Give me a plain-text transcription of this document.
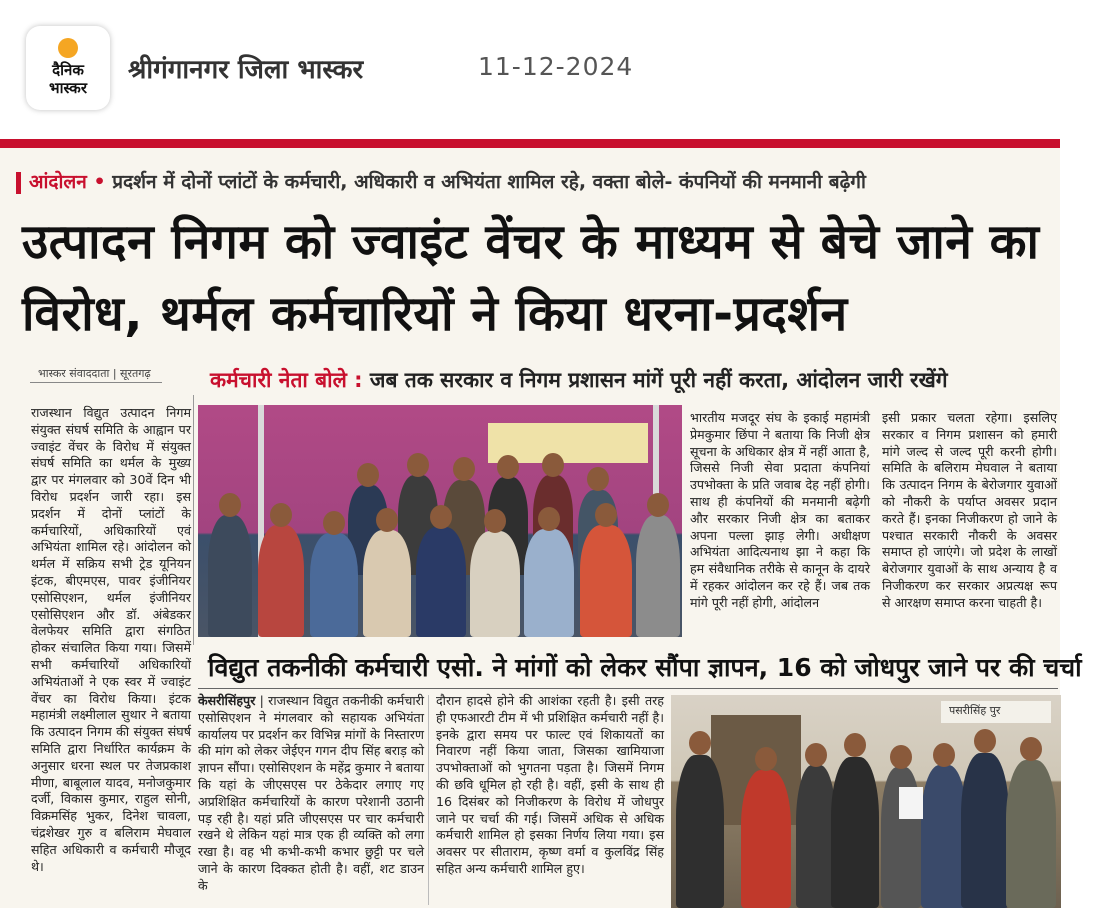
दैनिक
भास्कर
श्रीगंगानगर जिला भास्कर	11-12-2024
आंदोलन • प्रदर्शन में दोनों प्लांटों के कर्मचारी, अधिकारी व अभियंता शामिल रहे, वक्ता बोले- कंपनियों की मनमानी बढ़ेगी
उत्पादन निगम को ज्वाइंट वेंचर के माध्यम से बेचे जाने का विरोध, थर्मल कर्मचारियों ने किया धरना-प्रदर्शन
भास्कर संवाददाता | सूरतगढ़	कर्मचारी नेता बोले : जब तक सरकार व निगम प्रशासन मांगें पूरी नहीं करता, आंदोलन जारी रखेंगे
राजस्थान विद्युत उत्पादन निगम संयुक्त संघर्ष समिति के आह्वान पर ज्वाइंट वेंचर के विरोध में संयुक्त संघर्ष समिति का थर्मल के मुख्य द्वार पर मंगलवार को 30वें दिन भी विरोध प्रदर्शन जारी रहा। इस प्रदर्शन में दोनों प्लांटों के कर्मचारियों, अधिकारियों एवं अभियंता शामिल रहे। आंदोलन को थर्मल में सक्रिय सभी ट्रेड यूनियन इंटक, बीएमएस, पावर इंजीनियर एसोसिएशन, थर्मल इंजीनियर एसोसिएशन और डॉ. अंबेडकर वेलफेयर समिति द्वारा संगठित होकर संचालित किया गया। जिसमें सभी कर्मचारियों अधिकारियों अभियंताओं ने एक स्वर में ज्वाइंट वेंचर का विरोध किया। इंटक महामंत्री लक्ष्मीलाल सुथार ने बताया कि उत्पादन निगम की संयुक्त संघर्ष समिति द्वारा निर्धारित कार्यक्रम के अनुसार धरना स्थल पर तेजप्रकाश मीणा, बाबूलाल यादव, मनोजकुमार दर्जी, विकास कुमार, राहुल सोनी, विक्रमसिंह भुकर, दिनेश चावला, चंद्रशेखर गुरु व बलिराम मेघवाल सहित अधिकारी व कर्मचारी मौजूद थे।
भारतीय मजदूर संघ के इकाई महामंत्री प्रेमकुमार छिंपा ने बताया कि निजी क्षेत्र सूचना के अधिकार क्षेत्र में नहीं आता है, जिससे निजी सेवा प्रदाता कंपनियां उपभोक्ता के प्रति जवाब देह नहीं होगी। साथ ही कंपनियों की मनमानी बढ़ेगी और सरकार निजी क्षेत्र का बताकर अपना पल्ला झाड़ लेगी। अधीक्षण अभियंता आदित्यनाथ झा ने कहा कि हम संवैधानिक तरीके से कानून के दायरे में रहकर आंदोलन कर रहे हैं। जब तक मांगे पूरी नहीं होगी, आंदोलन
इसी प्रकार चलता रहेगा। इसलिए सरकार व निगम प्रशासन को हमारी मांगे जल्द से जल्द पूरी करनी होगी। समिति के बलिराम मेघवाल ने बताया कि उत्पादन निगम के बेरोजगार युवाओं को नौकरी के पर्याप्त अवसर प्रदान करते हैं। इनका निजीकरण हो जाने के पश्चात सरकारी नौकरी के अवसर समाप्त हो जाएंगे। जो प्रदेश के लाखों बेरोजगार युवाओं के साथ अन्याय है व निजीकरण कर सरकार अप्रत्यक्ष रूप से आरक्षण समाप्त करना चाहती है।
विद्युत तकनीकी कर्मचारी एसो. ने मांगों को लेकर सौंपा ज्ञापन, 16 को जोधपुर जाने पर की चर्चा
केसरीसिंहपुर | राजस्थान विद्युत तकनीकी कर्मचारी एसोसिएशन ने मंगलवार को सहायक अभियंता कार्यालय पर प्रदर्शन कर विभिन्न मांगों के निस्तारण की मांग को लेकर जेईएन गगन दीप सिंह बराड़ को ज्ञापन सौंपा। एसोसिएशन के महेंद्र कुमार ने बताया कि यहां के जीएसएस पर ठेकेदार लगाए गए अप्रशिक्षित कर्मचारियों के कारण परेशानी उठानी पड़ रही है। यहां प्रति जीएसएस पर चार कर्मचारी रखने थे लेकिन यहां मात्र एक ही व्यक्ति को लगा रखा है। वह भी कभी-कभी कभार छुट्टी पर चले जाने के कारण दिक्कत होती है। वहीं, शट डाउन के
दौरान हादसे होने की आशंका रहती है। इसी तरह ही एफआरटी टीम में भी प्रशिक्षित कर्मचारी नहीं है। इनके द्वारा समय पर फाल्ट एवं शिकायतों का निवारण नहीं किया जाता, जिसका खामियाजा उपभोक्ताओं को भुगतना पड़ता है। जिसमें निगम की छवि धूमिल हो रही है। वहीं, इसी के साथ ही 16 दिसंबर को निजीकरण के विरोध में जोधपुर जाने पर चर्चा की गई। जिसमें अधिक से अधिक कर्मचारी शामिल हो इसका निर्णय लिया गया। इस अवसर पर सीताराम, कृष्ण वर्मा व कुलविंद्र सिंह सहित अन्य कर्मचारी शामिल हुए।
पसरीसिंह पुर
